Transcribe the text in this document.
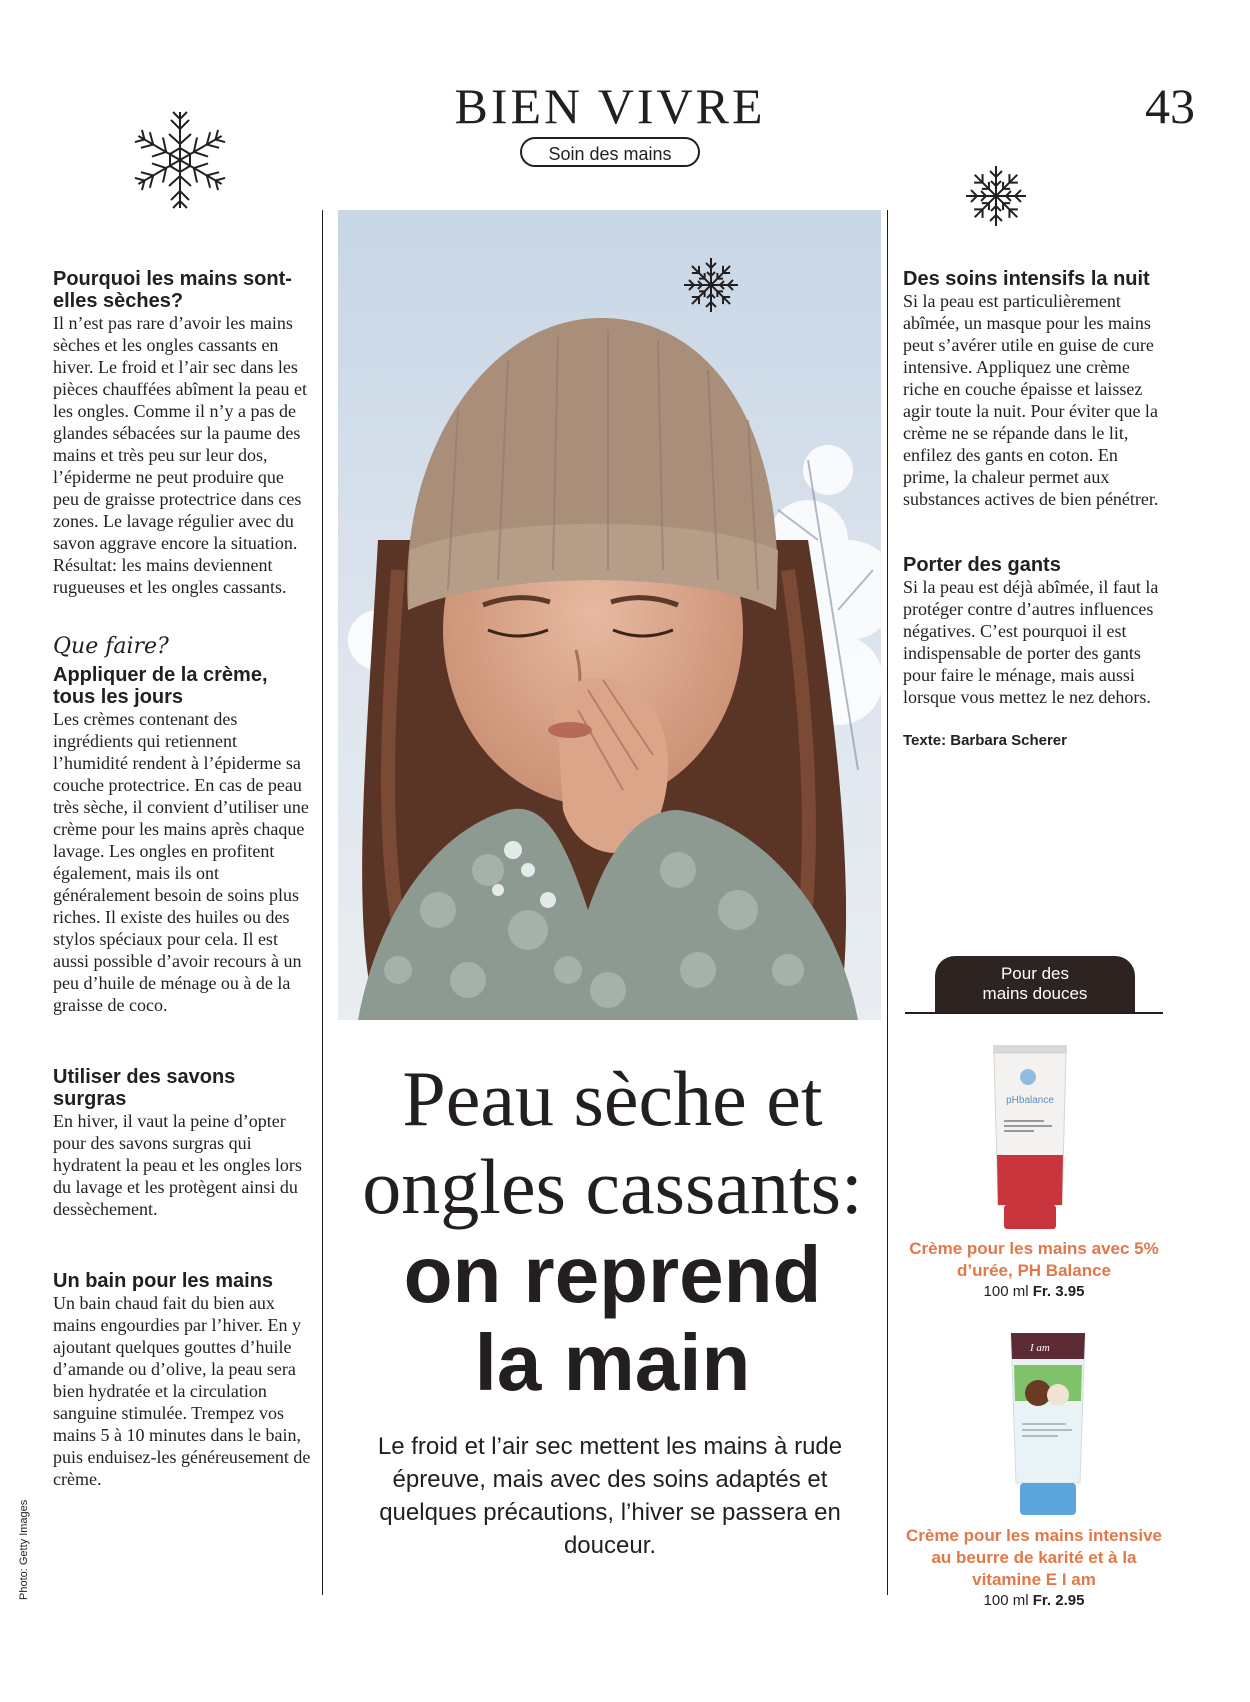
BIEN VIVRE
Soin des mains
43
Pourquoi les mains sont-elles sèches?

Il n’est pas rare d’avoir les mains sèches et les ongles cassants en hiver. Le froid et l’air sec dans les pièces chauffées abîment la peau et les ongles. Comme il n’y a pas de glandes sébacées sur la paume des mains et très peu sur leur dos, l’épiderme ne peut produire que peu de graisse protectrice dans ces zones. Le lavage régulier avec du savon aggrave encore la situation. Résultat: les mains deviennent rugueuses et les ongles cassants.

Que faire?
Appliquer de la crème, tous les jours

Les crèmes contenant des ingrédients qui retiennent l’humidité rendent à l’épiderme sa couche protectrice. En cas de peau très sèche, il convient d’utiliser une crème pour les mains après chaque lavage. Les ongles en profitent également, mais ils ont généralement besoin de soins plus riches. Il existe des huiles ou des stylos spéciaux pour cela. Il est aussi possible d’avoir recours à un peu d’huile de ménage ou à de la graisse de coco.

Utiliser des savons surgras

En hiver, il vaut la peine d’opter pour des savons surgras qui hydratent la peau et les ongles lors du lavage et les protègent ainsi du dessèchement.

Un bain pour les mains

Un bain chaud fait du bien aux mains engourdies par l’hiver. En y ajoutant quelques gouttes d’huile d’amande ou d’olive, la peau sera bien hydratée et la circulation sanguine stimulée. Trempez vos mains 5 à 10 minutes dans le bain, puis enduisez-les généreusement de crème.

Peau sèche et
ongles cassants:
on reprend
la main
Le froid et l’air sec mettent les mains à rude épreuve, mais avec des soins adaptés et quelques précautions, l’hiver se passera en douceur.
Des soins intensifs la nuit

Si la peau est particulièrement abîmée, un masque pour les mains peut s’avérer utile en guise de cure intensive. Appliquez une crème riche en couche épaisse et laissez agir toute la nuit. Pour éviter que la crème ne se répande dans le lit, enfilez des gants en coton. En prime, la chaleur permet aux substances actives de bien pénétrer.

Porter des gants

Si la peau est déjà abîmée, il faut la protéger contre d’autres influences négatives. C’est pourquoi il est indispensable de porter des gants pour faire le ménage, mais aussi lorsque vous mettez le nez dehors.

Texte: Barbara Scherer
Pour des
mains douces
pHbalance
Crème pour les mains avec 5% d’urée, PH Balance
100 ml Fr. 3.95
I am
Crème pour les mains intensive au beurre de karité et à la vitamine E I am
100 ml Fr. 2.95
Photo: Getty Images
